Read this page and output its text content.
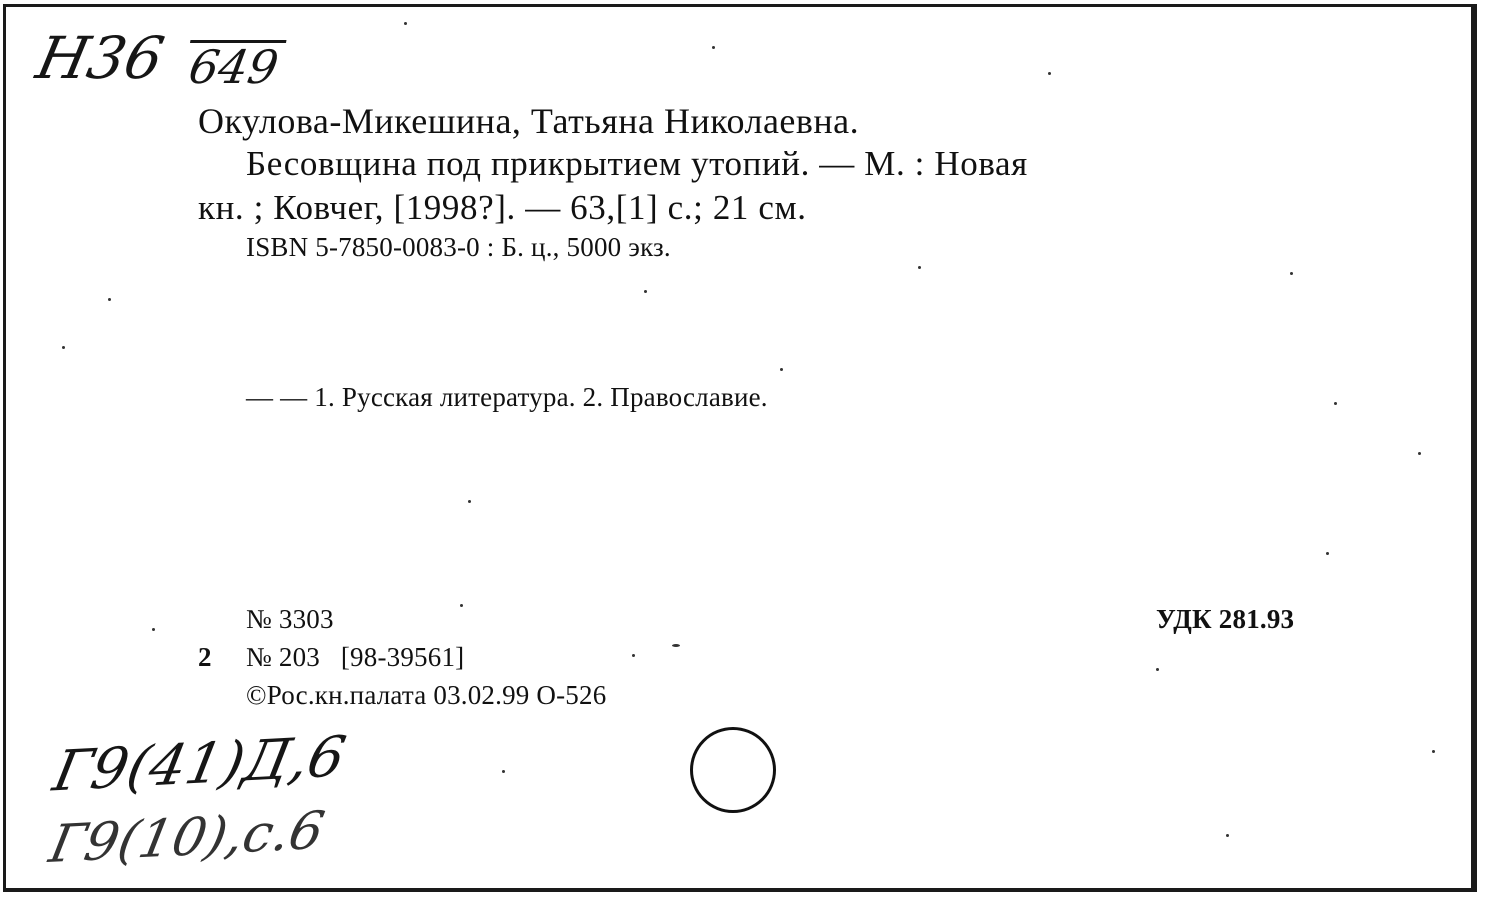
Н36 649
Окулова-Микешина, Татьяна Николаевна.
Бесовщина под прикрытием утопий. — М. : Новая
кн. ; Ковчег, [1998?]. — 63,[1] с.; 21 см.
ISBN 5-7850-0083-0 : Б. ц., 5000 экз.
— — 1. Русская литература. 2. Православие.
№ 3303	УДК 281.93
2 № 203   [98-39561]
©Рос.кн.палата 03.02.99 О-526
Г9(41)Д,6
Г9(10),с.6
